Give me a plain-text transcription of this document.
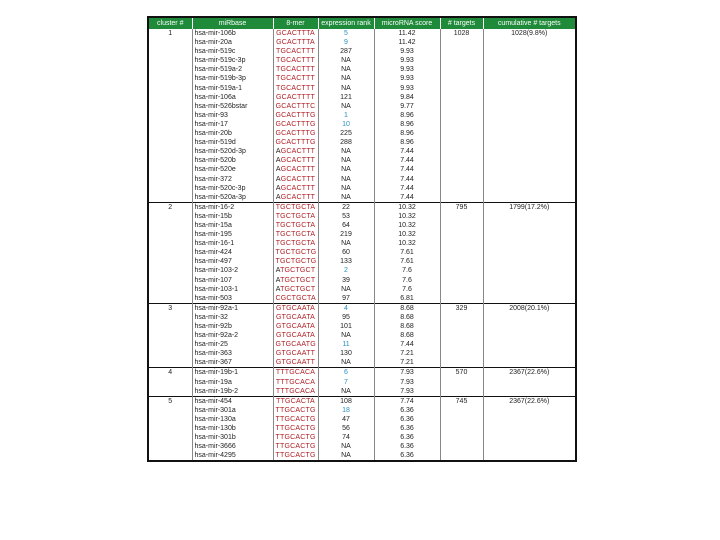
cluster #	miRbase	8-mer	expression rank	microRNA score	# targets	cumulative # targets
1	hsa-mir-106b	GCACTTTA	5	11.42	1028	1028(9.8%)
	hsa-mir-20a	GCACTTTA	9	11.42		
	hsa-mir-519c	TGCACTTT	287	9.93		
	hsa-mir-519c-3p	TGCACTTT	NA	9.93		
	hsa-mir-519a-2	TGCACTTT	NA	9.93		
	hsa-mir-519b-3p	TGCACTTT	NA	9.93		
	hsa-mir-519a-1	TGCACTTT	NA	9.93		
	hsa-mir-106a	GCACTTTT	121	9.84		
	hsa-mir-526bstar	GCACTTTC	NA	9.77		
	hsa-mir-93	GCACTTTG	1	8.96		
	hsa-mir-17	GCACTTTG	10	8.96		
	hsa-mir-20b	GCACTTTG	225	8.96		
	hsa-mir-519d	GCACTTTG	288	8.96		
	hsa-mir-520d-3p	AGCACTTT	NA	7.44		
	hsa-mir-520b	AGCACTTT	NA	7.44		
	hsa-mir-520e	AGCACTTT	NA	7.44		
	hsa-mir-372	AGCACTTT	NA	7.44		
	hsa-mir-520c-3p	AGCACTTT	NA	7.44		
	hsa-mir-520a-3p	AGCACTTT	NA	7.44		
2	hsa-mir-16-2	TGCTGCTA	22	10.32	795	1799(17.2%)
	hsa-mir-15b	TGCTGCTA	53	10.32		
	hsa-mir-15a	TGCTGCTA	64	10.32		
	hsa-mir-195	TGCTGCTA	219	10.32		
	hsa-mir-16-1	TGCTGCTA	NA	10.32		
	hsa-mir-424	TGCTGCTG	60	7.61		
	hsa-mir-497	TGCTGCTG	133	7.61		
	hsa-mir-103-2	ATGCTGCT	2	7.6		
	hsa-mir-107	ATGCTGCT	39	7.6		
	hsa-mir-103-1	ATGCTGCT	NA	7.6		
	hsa-mir-503	CGCTGCTA	97	6.81		
3	hsa-mir-92a-1	GTGCAATA	4	8.68	329	2008(20.1%)
	hsa-mir-32	GTGCAATA	95	8.68		
	hsa-mir-92b	GTGCAATA	101	8.68		
	hsa-mir-92a-2	GTGCAATA	NA	8.68		
	hsa-mir-25	GTGCAATG	11	7.44		
	hsa-mir-363	GTGCAATT	130	7.21		
	hsa-mir-367	GTGCAATT	NA	7.21		
4	hsa-mir-19b-1	TTTGCACA	6	7.93	570	2367(22.6%)
	hsa-mir-19a	TTTGCACA	7	7.93		
	hsa-mir-19b-2	TTTGCACA	NA	7.93		
5	hsa-mir-454	TTGCACTA	108	7.74	745	2367(22.6%)
	hsa-mir-301a	TTGCACTG	18	6.36		
	hsa-mir-130a	TTGCACTG	47	6.36		
	hsa-mir-130b	TTGCACTG	56	6.36		
	hsa-mir-301b	TTGCACTG	74	6.36		
	hsa-mir-3666	TTGCACTG	NA	6.36		
	hsa-mir-4295	TTGCACTG	NA	6.36		
